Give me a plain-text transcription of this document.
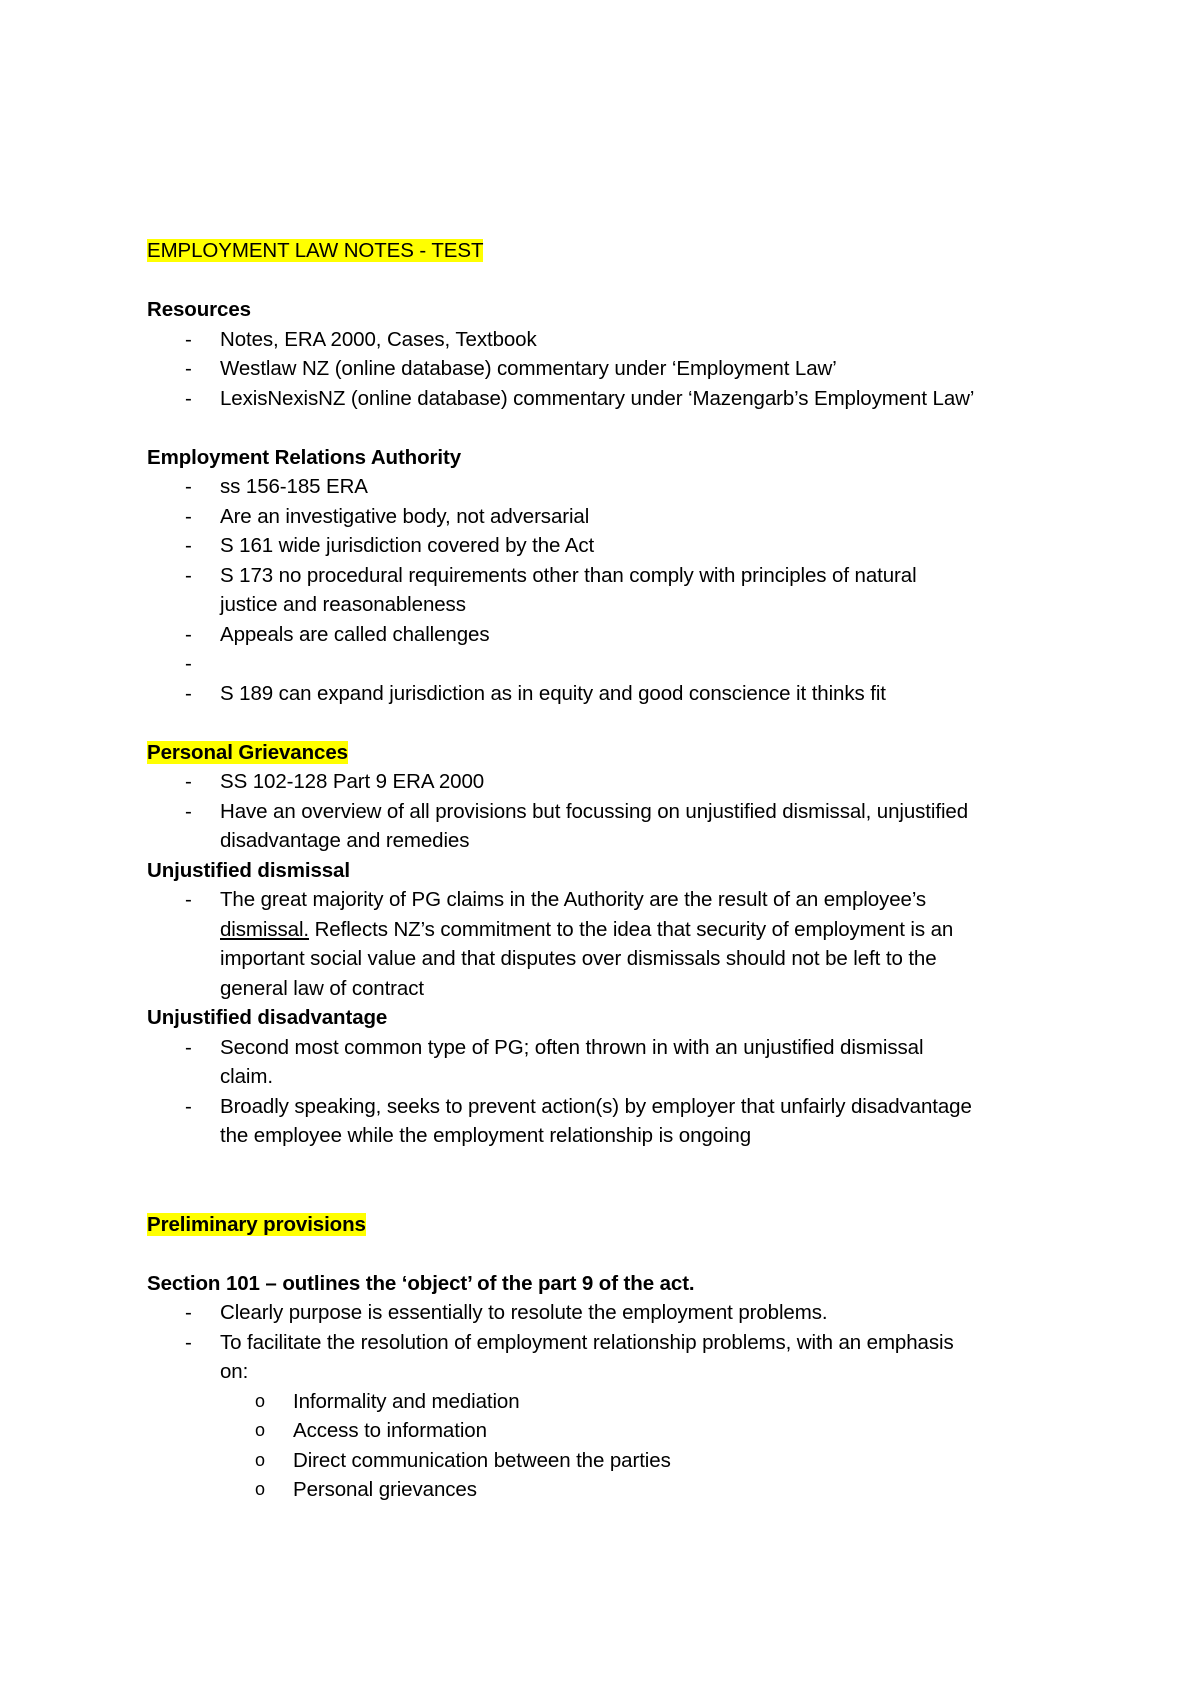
EMPLOYMENT LAW NOTES - TEST

Resources

- Notes, ERA 2000, Cases, Textbook
- Westlaw NZ (online database) commentary under ‘Employment Law’
- LexisNexisNZ (online database) commentary under ‘Mazengarb’s Employment Law’

Employment Relations Authority

- ss 156-185 ERA
- Are an investigative body, not adversarial
- S 161 wide jurisdiction covered by the Act
- S 173 no procedural requirements other than comply with principles of natural
justice and reasonableness
- Appeals are called challenges
-

- S 189 can expand jurisdiction as in equity and good conscience it thinks fit

Personal Grievances

- SS 102-128 Part 9 ERA 2000
- Have an overview of all provisions but focussing on unjustified dismissal, unjustified
disadvantage and remedies

Unjustified dismissal

- The great majority of PG claims in the Authority are the result of an employee’s
dismissal. Reflects NZ’s commitment to the idea that security of employment is an
important social value and that disputes over dismissals should not be left to the
general law of contract

Unjustified disadvantage

- Second most common type of PG; often thrown in with an unjustified dismissal
claim.
- Broadly speaking, seeks to prevent action(s) by employer that unfairly disadvantage
the employee while the employment relationship is ongoing

Preliminary provisions

Section 101 – outlines the ‘object’ of the part 9 of the act.

- Clearly purpose is essentially to resolute the employment problems.
- To facilitate the resolution of employment relationship problems, with an emphasis
on:
o Informality and mediation
o Access to information
o Direct communication between the parties
o Personal grievances
